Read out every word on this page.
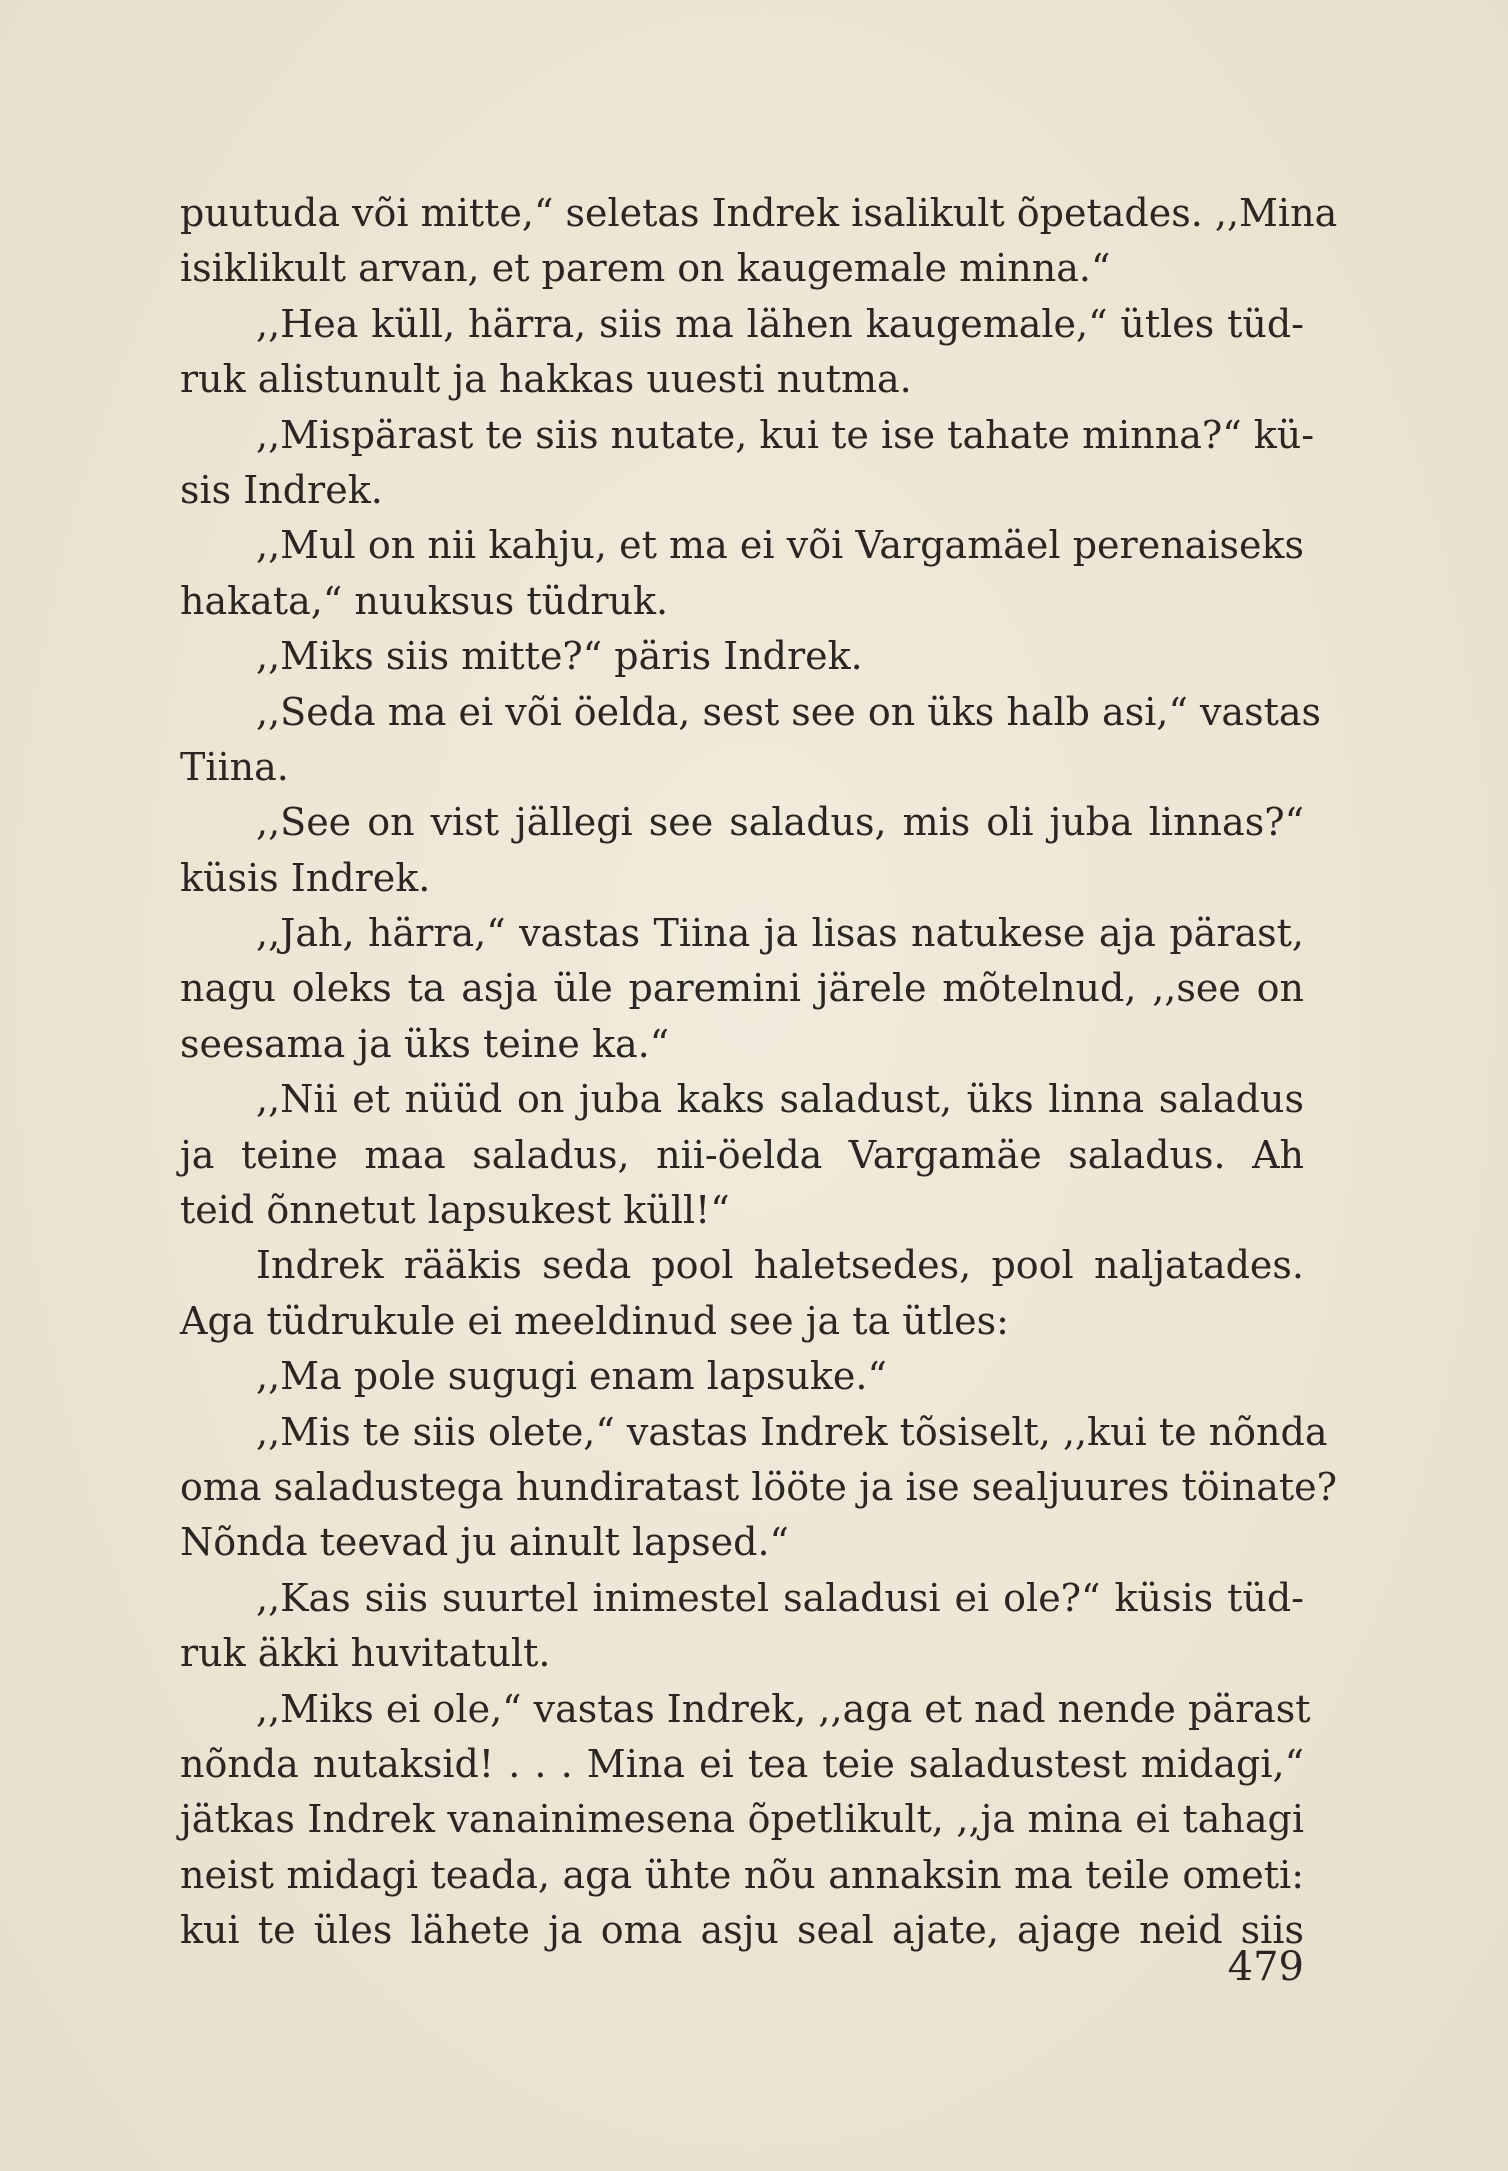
puutuda või mitte,“ seletas Indrek isalikult õpetades. ,,Mina
isiklikult arvan, et parem on kaugemale minna.“
,,Hea küll, härra, siis ma lähen kaugemale,“ ütles tüd-
ruk alistunult ja hakkas uuesti nutma.
,,Mispärast te siis nutate, kui te ise tahate minna?“ kü-
sis Indrek.
,,Mul on nii kahju, et ma ei või Vargamäel perenaiseks
hakata,“ nuuksus tüdruk.
,,Miks siis mitte?“ päris Indrek.
,,Seda ma ei või öelda, sest see on üks halb asi,“ vastas
Tiina.
,,See on vist jällegi see saladus, mis oli juba linnas?“
küsis Indrek.
,,Jah, härra,“ vastas Tiina ja lisas natukese aja pärast,
nagu oleks ta asja üle paremini järele mõtelnud, ,,see on
seesama ja üks teine ka.“
,,Nii et nüüd on juba kaks saladust, üks linna saladus
ja teine maa saladus, nii-öelda Vargamäe saladus. Ah
teid õnnetut lapsukest küll!“
Indrek rääkis seda pool haletsedes, pool naljatades.
Aga tüdrukule ei meeldinud see ja ta ütles:
,,Ma pole sugugi enam lapsuke.“
,,Mis te siis olete,“ vastas Indrek tõsiselt, ,,kui te nõnda
oma saladustega hundiratast lööte ja ise sealjuures töinate?
Nõnda teevad ju ainult lapsed.“
,,Kas siis suurtel inimestel saladusi ei ole?“ küsis tüd-
ruk äkki huvitatult.
,,Miks ei ole,“ vastas Indrek, ,,aga et nad nende pärast
nõnda nutaksid! . . . Mina ei tea teie saladustest midagi,“
jätkas Indrek vanainimesena õpetlikult, ,,ja mina ei tahagi
neist midagi teada, aga ühte nõu annaksin ma teile ometi:
kui te üles lähete ja oma asju seal ajate, ajage neid siis
479
